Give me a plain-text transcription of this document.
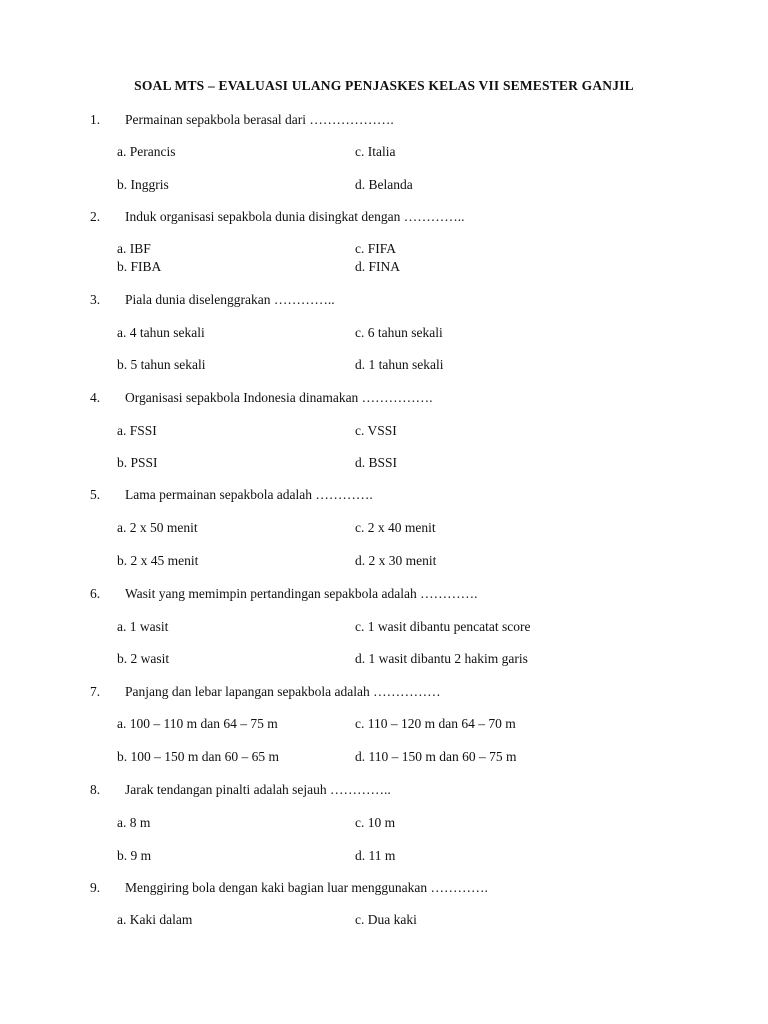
SOAL MTS – EVALUASI ULANG PENJASKES KELAS VII SEMESTER GANJIL
1. Permainan sepakbola berasal dari ……………….
a. Perancis	c. Italia
b. Inggris	d. Belanda
2. Induk organisasi sepakbola dunia disingkat dengan …………..
a. IBF	c. FIFA
b. FIBA	d. FINA
3. Piala dunia diselenggrakan …………..
a. 4 tahun sekali	c. 6 tahun sekali
b. 5 tahun sekali	d. 1 tahun sekali
4. Organisasi sepakbola Indonesia dinamakan …………….
a. FSSI	c. VSSI
b. PSSI	d. BSSI
5. Lama permainan sepakbola adalah ………….
a. 2 x 50 menit	c. 2 x 40 menit
b. 2 x 45 menit	d. 2 x 30 menit
6. Wasit yang memimpin pertandingan sepakbola adalah ………….
a. 1 wasit	c. 1 wasit dibantu pencatat score
b. 2 wasit	d. 1 wasit dibantu 2 hakim garis
7. Panjang dan lebar lapangan sepakbola adalah ……………
a. 100 – 110 m dan 64 – 75 m	c. 110 – 120 m dan 64 – 70 m
b. 100 – 150 m dan 60 – 65 m	d. 110 – 150 m dan 60 – 75 m
8. Jarak tendangan pinalti adalah sejauh …………..
a. 8 m	c. 10 m
b. 9 m	d. 11 m
9. Menggiring bola dengan kaki bagian luar menggunakan ………….
a. Kaki dalam	c. Dua kaki
